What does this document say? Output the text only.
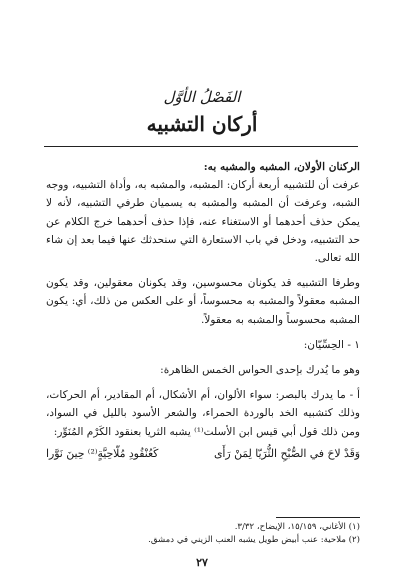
الفَصْلُ الأوَّل
أركان التشبيه

الركنان الأولان، المشبه والمشبه به:

عرفت أن للتشبيه أربعة أركان: المشبه، والمشبه به، وأداة التشبيه، ووجه الشبه، وعرفت أن المشبه والمشبه به يسميان طرفي التشبيه، لأنه لا يمكن حذف أحدهما أو الاستغناء عنه، فإذا حذف أحدهما خرج الكلام عن حد التشبيه، ودخل في باب الاستعارة التي سنحدثك عنها فيما بعد إن شاء الله تعالى.

وطرفا التشبيه قد يكونان محسوسين، وقد يكونان معقولين، وقد يكون المشبه معقولاً والمشبه به محسوساً، أو على العكس من ذلك، أي: يكون المشبه محسوساً والمشبه به معقولاً.

١ - الحِسِّيّان:

وهو ما يُدرك بإحدى الحواس الخمس الظاهرة:

أ - ما يدرك بالبصر: سواء الألوان، أم الأشكال، أم المقادير، أم الحركات، وذلك كتشبيه الخد بالوردة الحمراء، والشعر الأسود بالليل في السواد، ومن ذلك قول أبي قيس ابن الأسلت⁽¹⁾ يشبه الثريا بعنقود الكَرْم المُنَوِّر:

وَقَدْ لاحَ في الصُّبْحِ الثُّرَيّا لِمَنْ رَأَى
كَعُنْقُودِ مُلّاحِيَّةٍ⁽²⁾ حِينَ نَوَّرا
(١) الأغاني، ١٥/١٥٩، الإيضاح، ٣/٣٢.
(٢) ملاحية: عنب أبيض طويل يشبه العنب الزيني في دمشق.
٢٧
